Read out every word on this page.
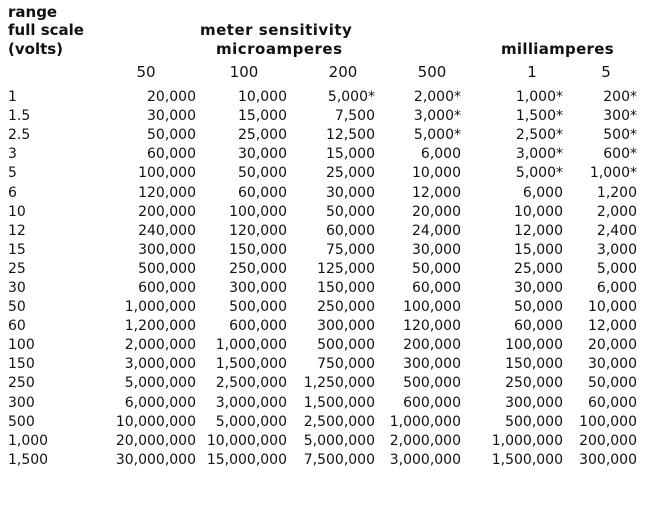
range
full scale
(volts)
meter sensitivity
microamperes	milliamperes
50	100	200	500	1	5
1	20,000	10,000	5,000*	2,000*	1,000*	200*
1.5	30,000	15,000	7,500	3,000*	1,500*	300*
2.5	50,000	25,000	12,500	5,000*	2,500*	500*
3	60,000	30,000	15,000	6,000	3,000*	600*
5	100,000	50,000	25,000	10,000	5,000*	1,000*
6	120,000	60,000	30,000	12,000	6,000	1,200
10	200,000	100,000	50,000	20,000	10,000	2,000
12	240,000	120,000	60,000	24,000	12,000	2,400
15	300,000	150,000	75,000	30,000	15,000	3,000
25	500,000	250,000	125,000	50,000	25,000	5,000
30	600,000	300,000	150,000	60,000	30,000	6,000
50	1,000,000	500,000	250,000	100,000	50,000	10,000
60	1,200,000	600,000	300,000	120,000	60,000	12,000
100	2,000,000	1,000,000	500,000	200,000	100,000	20,000
150	3,000,000	1,500,000	750,000	300,000	150,000	30,000
250	5,000,000	2,500,000	1,250,000	500,000	250,000	50,000
300	6,000,000	3,000,000	1,500,000	600,000	300,000	60,000
500	10,000,000	5,000,000	2,500,000	1,000,000	500,000	100,000
1,000	20,000,000	10,000,000	5,000,000	2,000,000	1,000,000	200,000
1,500	30,000,000	15,000,000	7,500,000	3,000,000	1,500,000	300,000
